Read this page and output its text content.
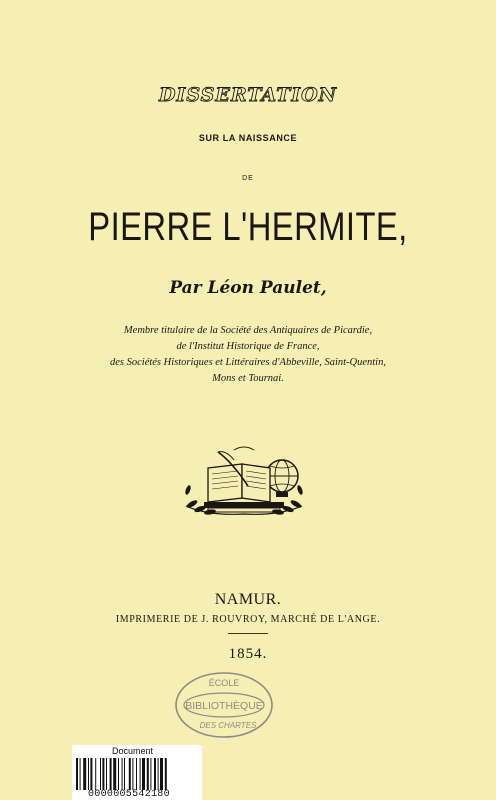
DISSERTATION
SUR LA NAISSANCE
DE
PIERRE L'HERMITE,
Par Léon Paulet,
Membre titulaire de la Société des Antiquaires de Picardie,
de l'Institut Historique de France,
des Sociétés Historiques et Littéraires d'Abbeville, Saint-Quentin,
Mons et Tournai.
NAMUR.
IMPRIMERIE DE J. ROUVROY, MARCHÉ DE L'ANGE.
1854.
ÉCOLE
BIBLIOTHÈQUE
DES CHARTES
Document
0000005542180
